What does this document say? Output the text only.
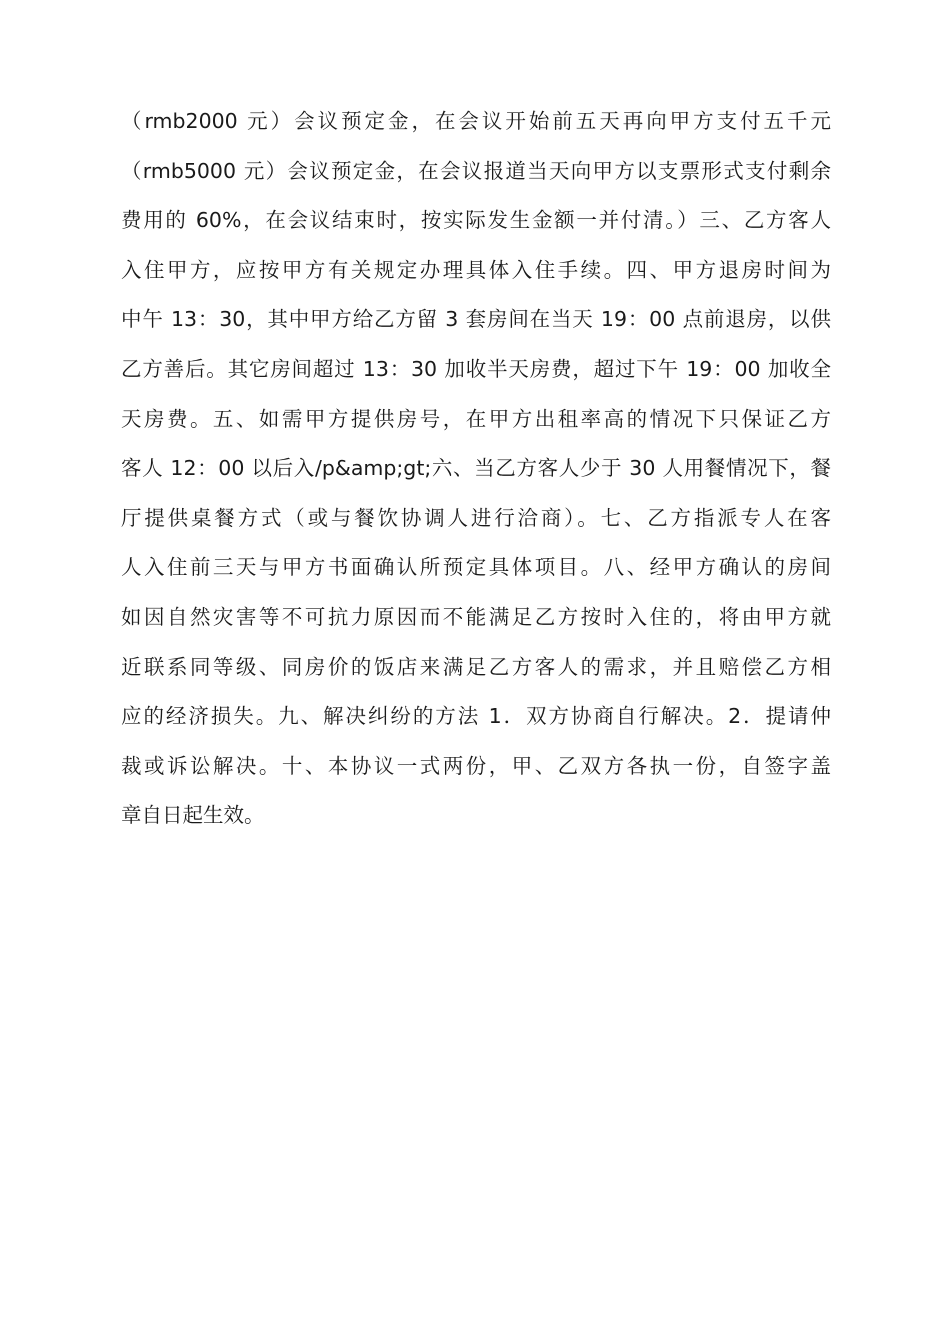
（rmb2000 元）会议预定金，在会议开始前五天再向甲方支付五千元
（rmb5000 元）会议预定金，在会议报道当天向甲方以支票形式支付剩余
费用的 60%，在会议结束时，按实际发生金额一并付清。）三、乙方客人
入住甲方，应按甲方有关规定办理具体入住手续。四、甲方退房时间为
中午 13：30，其中甲方给乙方留 3 套房间在当天 19：00 点前退房，以供
乙方善后。其它房间超过 13：30 加收半天房费，超过下午 19：00 加收全
天房费。五、如需甲方提供房号，在甲方出租率高的情况下只保证乙方
客人 12：00 以后入/p&amp;gt;六、当乙方客人少于 30 人用餐情况下，餐
厅提供桌餐方式（或与餐饮协调人进行洽商）。七、乙方指派专人在客
人入住前三天与甲方书面确认所预定具体项目。八、经甲方确认的房间
如因自然灾害等不可抗力原因而不能满足乙方按时入住的，将由甲方就
近联系同等级、同房价的饭店来满足乙方客人的需求，并且赔偿乙方相
应的经济损失。九、解决纠纷的方法 1．双方协商自行解决。2．提请仲
裁或诉讼解决。十、本协议一式两份，甲、乙双方各执一份，自签字盖
章自日起生效。
